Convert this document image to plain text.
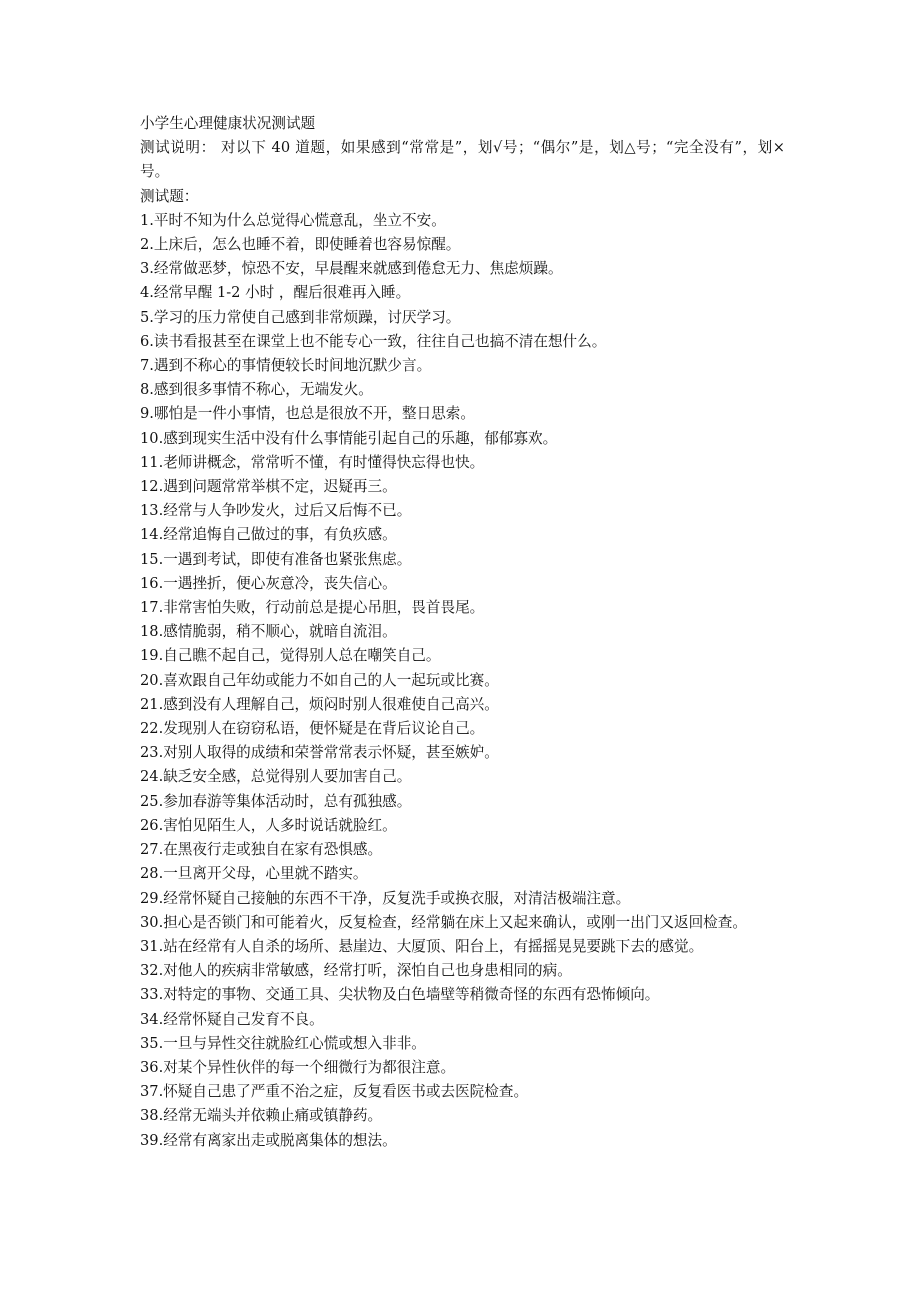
小学生心理健康状况测试题

测试说明： 对以下 40 道题，如果感到“常常是”，划√号；“偶尔”是，划△号；“完全没有”，划×号。

测试题：

1.平时不知为什么总觉得心慌意乱，坐立不安。
2.上床后，怎么也睡不着，即使睡着也容易惊醒。
3.经常做恶梦，惊恐不安，早晨醒来就感到倦怠无力、焦虑烦躁。
4.经常早醒 1-2 小时 ，醒后很难再入睡。
5.学习的压力常使自己感到非常烦躁，讨厌学习。
6.读书看报甚至在课堂上也不能专心一致，往往自己也搞不清在想什么。
7.遇到不称心的事情便较长时间地沉默少言。
8.感到很多事情不称心，无端发火。
9.哪怕是一件小事情，也总是很放不开，整日思索。
10.感到现实生活中没有什么事情能引起自己的乐趣，郁郁寡欢。
11.老师讲概念，常常听不懂，有时懂得快忘得也快。
12.遇到问题常常举棋不定，迟疑再三。
13.经常与人争吵发火，过后又后悔不已。
14.经常追悔自己做过的事，有负疚感。
15.一遇到考试，即使有准备也紧张焦虑。
16.一遇挫折，便心灰意冷，丧失信心。
17.非常害怕失败，行动前总是提心吊胆，畏首畏尾。
18.感情脆弱，稍不顺心，就暗自流泪。
19.自己瞧不起自己，觉得别人总在嘲笑自己。
20.喜欢跟自己年幼或能力不如自己的人一起玩或比赛。
21.感到没有人理解自己，烦闷时别人很难使自己高兴。
22.发现别人在窃窃私语，便怀疑是在背后议论自己。
23.对别人取得的成绩和荣誉常常表示怀疑，甚至嫉妒。
24.缺乏安全感，总觉得别人要加害自己。
25.参加春游等集体活动时，总有孤独感。
26.害怕见陌生人，人多时说话就脸红。
27.在黑夜行走或独自在家有恐惧感。
28.一旦离开父母，心里就不踏实。
29.经常怀疑自己接触的东西不干净，反复洗手或换衣服，对清洁极端注意。
30.担心是否锁门和可能着火，反复检查，经常躺在床上又起来确认，或刚一出门又返回检查。
31.站在经常有人自杀的场所、悬崖边、大厦顶、阳台上，有摇摇晃晃要跳下去的感觉。
32.对他人的疾病非常敏感，经常打听，深怕自己也身患相同的病。
33.对特定的事物、交通工具、尖状物及白色墙壁等稍微奇怪的东西有恐怖倾向。
34.经常怀疑自己发育不良。
35.一旦与异性交往就脸红心慌或想入非非。
36.对某个异性伙伴的每一个细微行为都很注意。
37.怀疑自己患了严重不治之症，反复看医书或去医院检查。
38.经常无端头并依赖止痛或镇静药。
39.经常有离家出走或脱离集体的想法。
